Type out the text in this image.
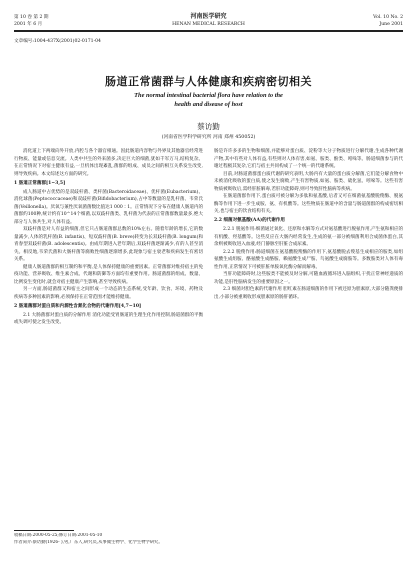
第 10 卷 第 2 期	河南医学研究	Vol. 10 No. 2
2001 年 6 月	HENAN MEDICAL RESEARCH	June 2001
文章编号:1004-437X(2001)02-0171-04
肠道正常菌群与人体健康和疾病密切相关
The normal intestinal bacterial flora have relation to the
health and disease of host
蔡访勤
(河南省医学科学研究所 河南 郑州 450052)

消化道上下两端向外开放,内腔与各个器官相通。因此肠道内容物与外界及其他器官经常进行物质、能量或信息交流。人类中共生的外来菌多,决定巨大的细菌,犹如千军万马,结构复杂。在正常情况下对宿主健康有益,一旦机体出现紊乱,菌群的组成、成员之间的相互关系发生改变,则导致疾病。本文综述这方面的研究。

1 肠道正常菌群[1~3,5]

成人肠道中占优势的是双歧杆菌、类杆菌(Bacteroidaceae)、优杆菌(Eubacterium)、消化球菌(Peptococcaceae)和双歧杆菌(Bifidobacterium),占中等数量的是乳杆菌、韦荣氏菌(Veillonella)。厌氧与兼性厌氧菌菌数比值达1 000∶1。正常情况下分布在健康人肠道内的菌群约100种,统计约有10^14个细菌,以双歧杆菌类、乳杆菌为代表的正常菌群数量最多,绝大部分与人体共生,对人体有益。

双歧杆菌是对人有益的细菌,但它只占肠道菌群总数的10%左右。随着年龄的增长,它的数量减少,人体的乳杆菌(B. infantis)、短双歧杆菌(B. breve)转变为长双歧杆菌(B. longum)和青春型双歧杆菌(B. adolescentis)。由成年期进入老年期后,双歧杆菌逐渐减少,有的人甚至消失。相反地,韦荣氏菌和大肠杆菌等腐败性细菌逐渐增多,此现象与宿主衰老和疾病发生有密切关系。

健康人肠道菌群的相互制约和平衡,是人体保持健康的重要因素。正常菌群对维持宿主的免疫功能、营养吸收、维生素合成、代谢和防御等方面均有重要作用。肠道菌群的组成、数量、比例发生变化时,就会对宿主健康产生影响,甚至导致疾病。

另一方面,肠道菌群又和宿主之间形成一个动态的生态系统,受年龄、饮食、环境、药物及疾病等多种因素的影响,必须保持在正常范围才能维持健康。

2 肠道菌群对蛋白质和内源性含氮化合物的代谢作用[4,7~10]

2.1 大肠菌群对蛋白质的分解作用 消化功能受胃肠道的生理生化作用控制,肠道菌群的平衡或失调可使之发生改变。

肠是许许多多的生物和细菌,并能够对蛋白质、淀粉等大分子物质进行分解代谢,生成各种代谢产物,其中有些对人体有益,有些则对人体有害,如氨、胺类、酚类、吲哚等。肠道细菌参与的代谢过程极其复杂,它们与宿主共同构成了一个统一的代谢系统。

目前,对肠道菌群蛋白质代谢的研究表明,大肠内有大量的蛋白质分解菌,它们能分解食物中未被消化吸收的蛋白质,使之发生腐败,产生有害物质,如氨、胺类、硫化氢、吲哚等。这些有害物质被吸收后,需经肝脏解毒,若肝功能障碍,则可导致肝性脑病等疾病。

在肠道菌群作用下,蛋白质可被分解为多肽和氨基酸,后者又可在细菌氨基酸脱羧酶、脱氨酶等作用下进一步生成胺、氨、有机酸等。这些物质在肠道中的含量与肠道菌群的构成密切相关,也与宿主的饮食结构有关。

2.2 细菌对氨基酸(AA)的代谢作用

2.2.1 脱氨作用:细菌通过氧化、还原和水解等方式对氨基酸进行脱氨作用,产生氨和相应的有机酸、羟基酸等。这些反应在大肠内经常发生,生成的氨一部分被细菌利用合成菌体蛋白,其余则被吸收进入血液,经门静脉至肝脏合成尿素。

2.2.2 脱羧作用:肠道细菌在氨基酸脱羧酶的作用下,氨基酸脱去羧基生成相应的胺类,如组氨酸生成组胺、酪氨酸生成酪胺、赖氨酸生成尸胺、鸟氨酸生成腐胺等。多数胺类对人体有毒性作用,正常情况下可被肝脏单胺氧化酶分解而解毒。

当肝功能障碍时,这些胺类不能被及时分解,可随血液循环进入脑组织,干扰正常神经递质的功能,是肝性脑病发生的重要原因之一。

2.3 细菌对胆色素的代谢作用 胆红素在肠道细菌的作用下被还原为胆素原,大部分随粪便排出,小部分被重吸收形成胆素原的肠肝循环。

收稿日期:2000-05-25;修订日期:2001-05-10
作者简介:蔡访勤(1926- ),男,广东人,研究员,从事微生物学、化学生物学研究。
